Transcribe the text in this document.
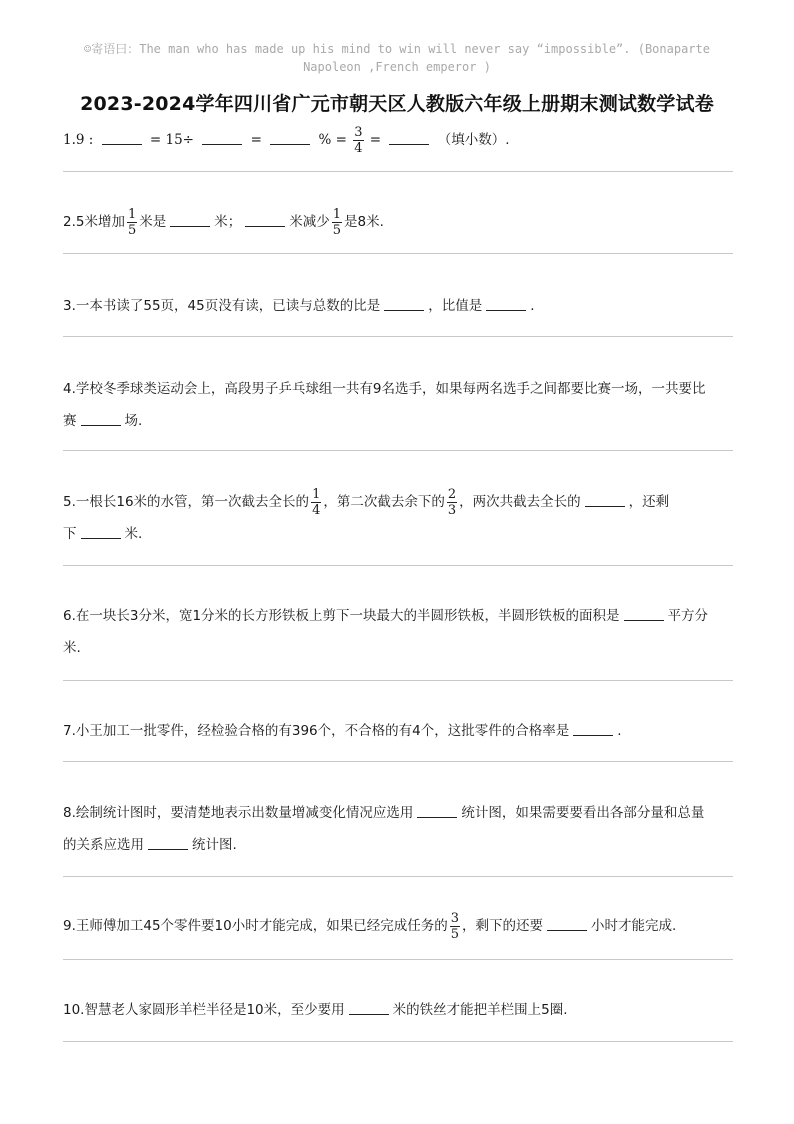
☺寄语曰：The man who has made up his mind to win will never say “impossible”. (Bonaparte
Napoleon ,French emperor )
2023-2024学年四川省广元市朝天区人教版六年级上册期末测试数学试卷
1.9 :	= 15÷	=	% = $\frac{3}{4}$ =	（填小数）.
2.5米增加 $\frac{1}{5}$ 米是	米；	米减少 $\frac{1}{5}$ 是8米.
3.一本书读了55页，45页没有读，已读与总数的比是	，比值是	.
4.学校冬季球类运动会上，高段男子乒乓球组一共有9名选手，如果每两名选手之间都要比赛一场，一共要比
赛	场.
5.一根长16米的水管，第一次截去全长的 $\frac{1}{4}$ ，第二次截去余下的 $\frac{2}{3}$ ，两次共截去全长的	，还剩
下	米.
6.在一块长3分米，宽1分米的长方形铁板上剪下一块最大的半圆形铁板，半圆形铁板的面积是	平方分
米.
7.小王加工一批零件，经检验合格的有396个，不合格的有4个，这批零件的合格率是	.
8.绘制统计图时，要清楚地表示出数量增减变化情况应选用	统计图，如果需要要看出各部分量和总量
的关系应选用	统计图.
9.王师傅加工45个零件要10小时才能完成，如果已经完成任务的 $\frac{3}{5}$ ，剩下的还要	小时才能完成.
10.智慧老人家圆形羊栏半径是10米，至少要用	米的铁丝才能把羊栏围上5圈.
